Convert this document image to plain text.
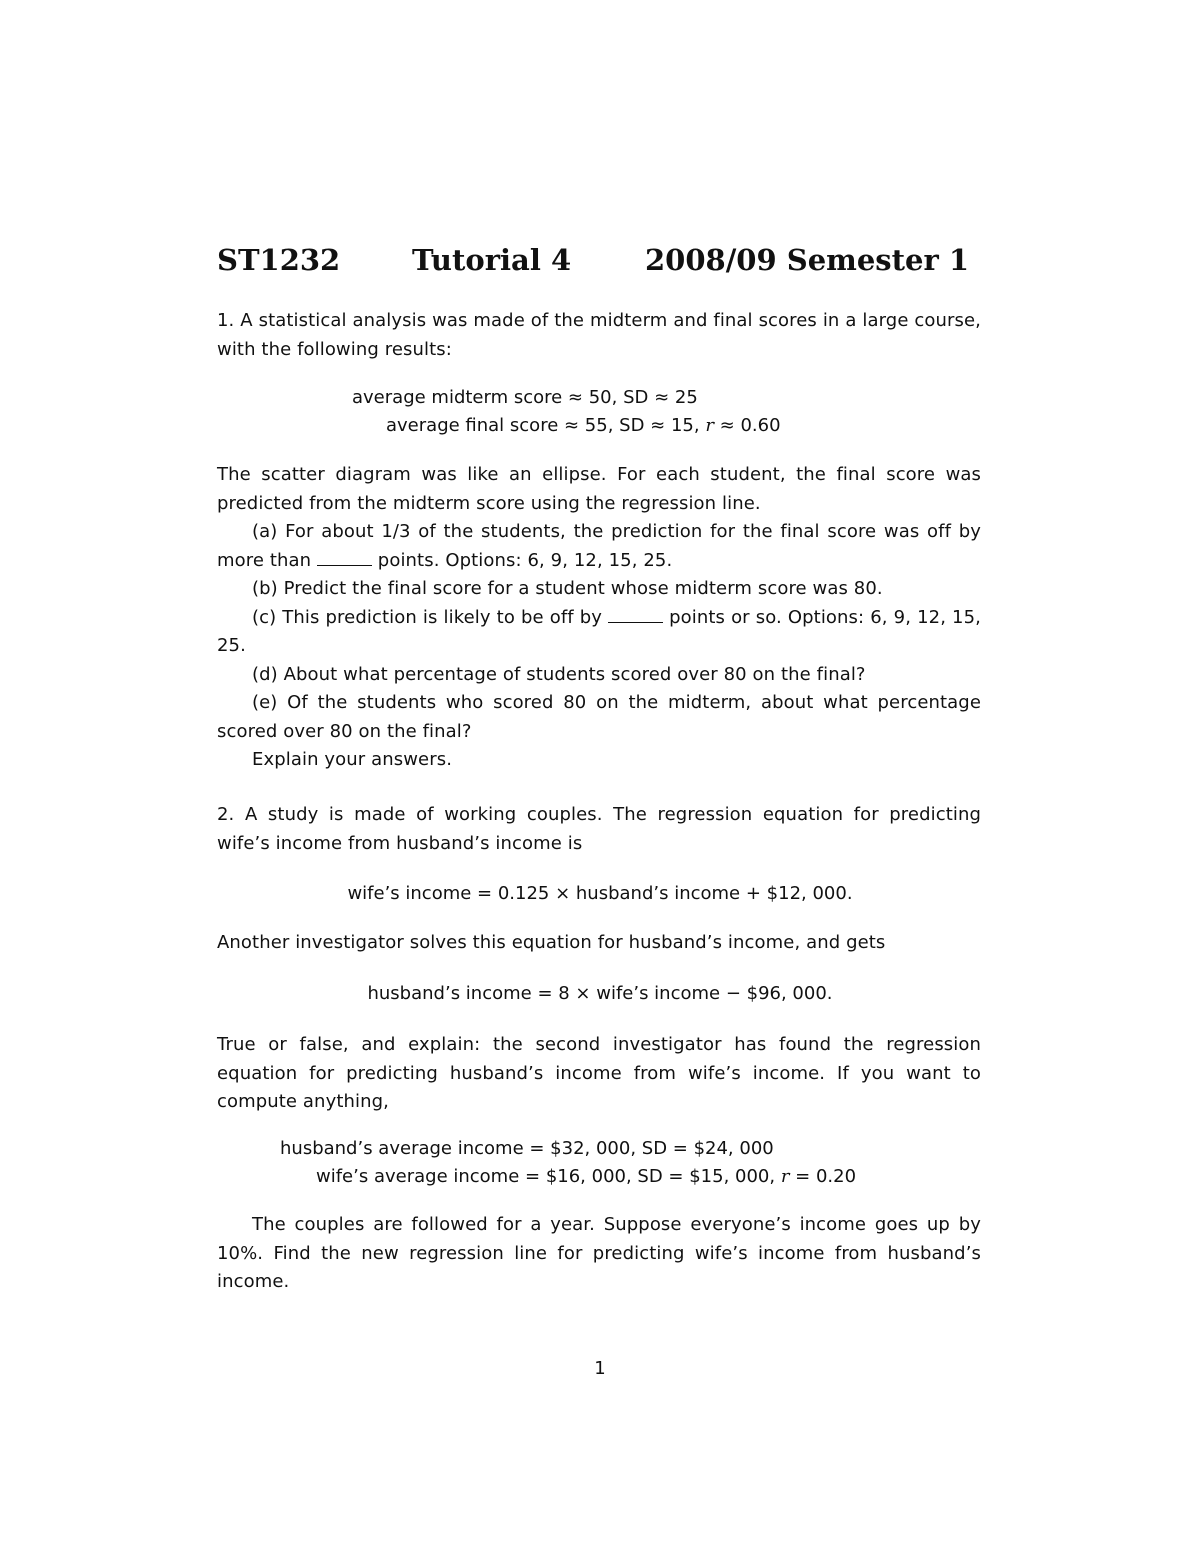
ST1232 Tutorial 4	2008/09 Semester 1

1. A statistical analysis was made of the midterm and final scores in a large course, with the following results:

average midterm score ≈ 50, SD ≈ 25
average final score ≈ 55, SD ≈ 15, r ≈ 0.60

The scatter diagram was like an ellipse. For each student, the final score was predicted from the midterm score using the regression line.

(a) For about 1/3 of the students, the prediction for the final score was off by more than	points. Options: 6, 9, 12, 15, 25.

(b) Predict the final score for a student whose midterm score was 80.

(c) This prediction is likely to be off by	points or so. Options: 6, 9, 12, 15, 25.

(d) About what percentage of students scored over 80 on the final?

(e) Of the students who scored 80 on the midterm, about what percentage scored over 80 on the final?

Explain your answers.

2. A study is made of working couples. The regression equation for predicting wife’s income from husband’s income is

wife’s income = 0.125 × husband’s income + $12, 000.

Another investigator solves this equation for husband’s income, and gets

husband’s income = 8 × wife’s income − $96, 000.

True or false, and explain: the second investigator has found the regression equation for predicting husband’s income from wife’s income. If you want to compute anything,

husband’s average income = $32, 000, SD = $24, 000
wife’s average income = $16, 000, SD = $15, 000, r = 0.20

The couples are followed for a year. Suppose everyone’s income goes up by 10%. Find the new regression line for predicting wife’s income from husband’s income.

1
